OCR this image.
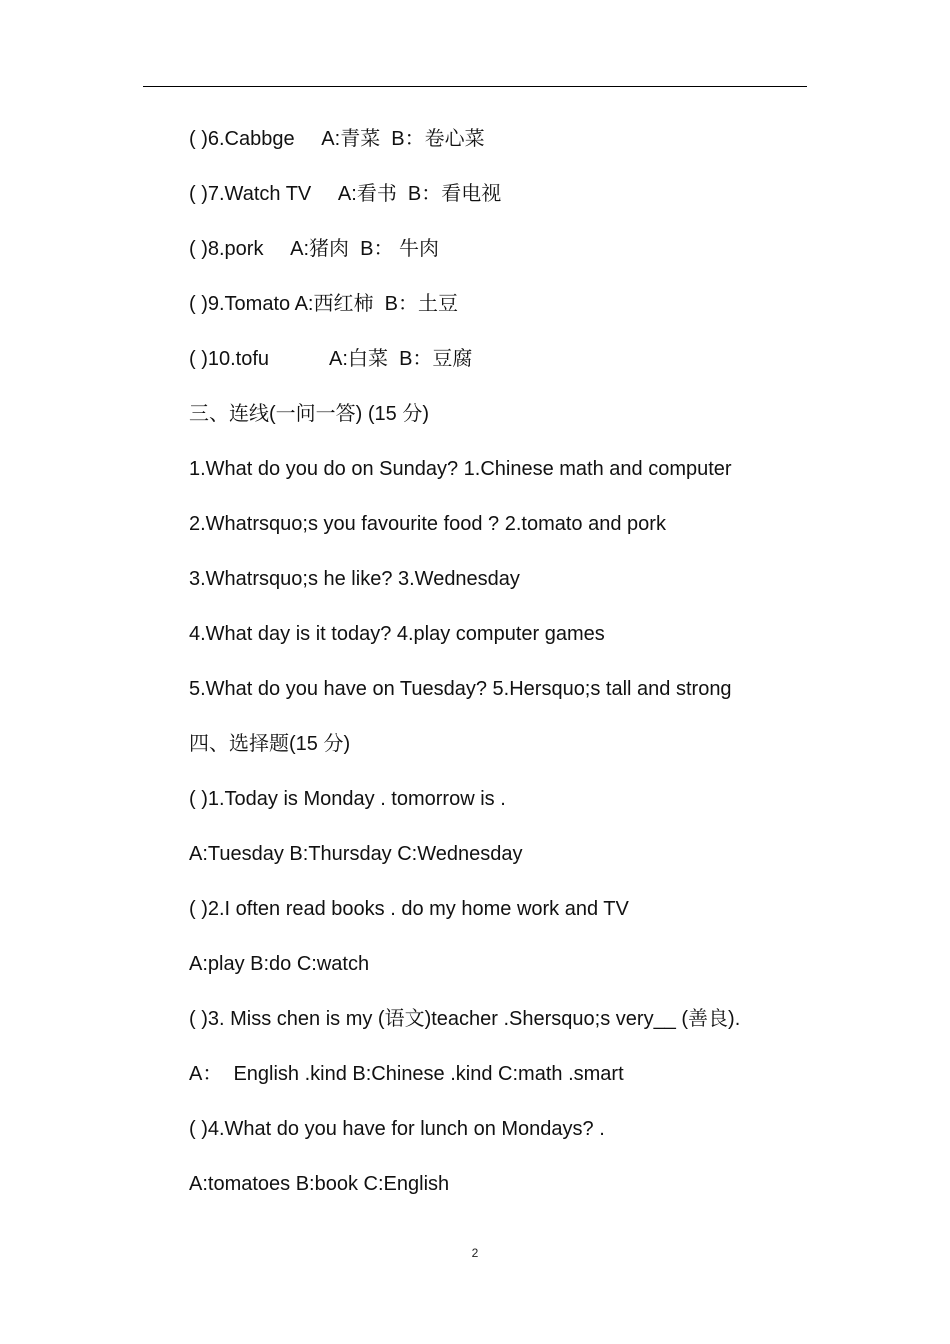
( )6.Cabbge     A:青菜  B：卷心菜
( )7.Watch TV     A:看书  B：看电视
( )8.pork     A:猪肉  B： 牛肉
( )9.Tomato A:西红柿  B：土豆
( )10.tofu           A:白菜  B：豆腐
三、连线(一问一答) (15 分)
1.What do you do on Sunday? 1.Chinese math and computer
2.Whatrsquo;s you favourite food ? 2.tomato and pork
3.Whatrsquo;s he like? 3.Wednesday
4.What day is it today? 4.play computer games
5.What do you have on Tuesday? 5.Hersquo;s tall and strong
四、选择题(15 分)
( )1.Today is Monday . tomorrow is .
A:Tuesday B:Thursday C:Wednesday
( )2.I often read books . do my home work and TV
A:play B:do C:watch
( )3. Miss chen is my (语文)teacher .Shersquo;s very__ (善良).
A：  English .kind B:Chinese .kind C:math .smart
( )4.What do you have for lunch on Mondays? .
A:tomatoes B:book C:English
2
